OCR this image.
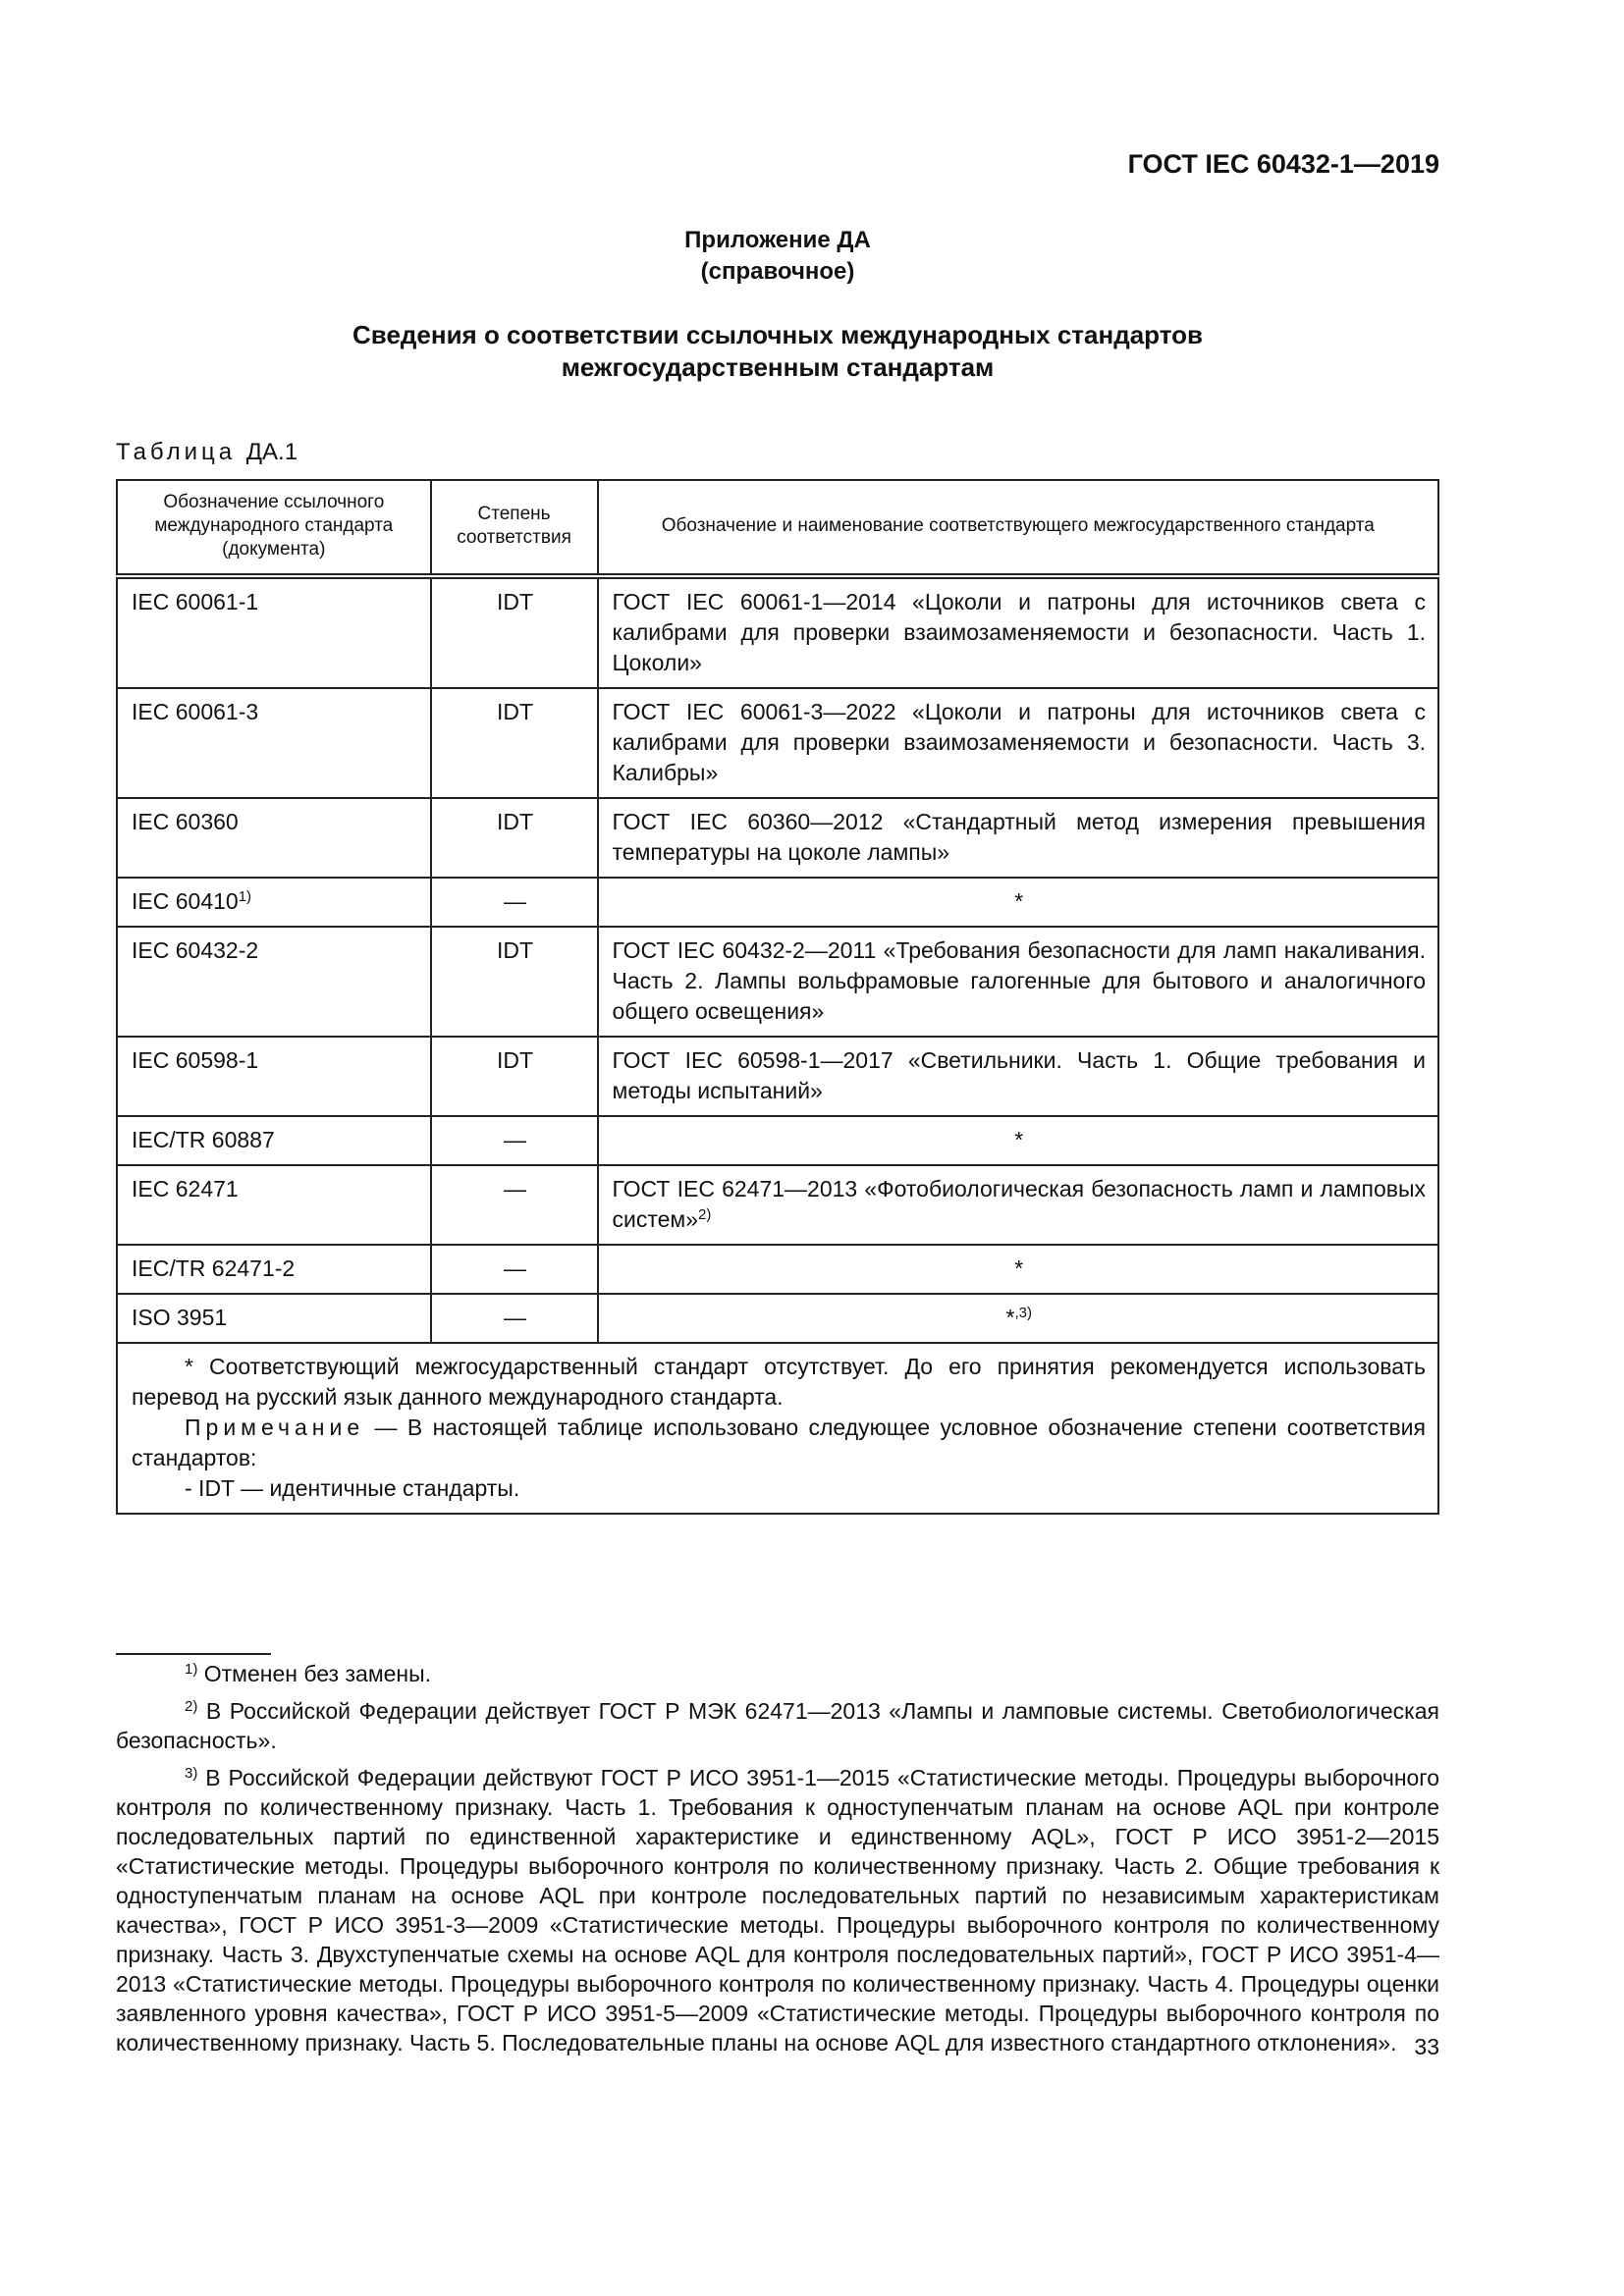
ГОСТ IEC 60432-1—2019
Приложение ДА
(справочное)
Сведения о соответствии ссылочных международных стандартов
межгосударственным стандартам
Таблица ДА.1
Обозначение ссылочного международного стандарта (документа)	Степень соответствия	Обозначение и наименование соответствующего межгосударственного стандарта
IEC 60061-1	IDT	ГОСТ IEC 60061-1—2014 «Цоколи и патроны для источников света с калибрами для проверки взаимозаменяемости и безопасности. Часть 1. Цоколи»
IEC 60061-3	IDT	ГОСТ IEC 60061-3—2022 «Цоколи и патроны для источников света с калибрами для проверки взаимозаменяемости и безопасности. Часть 3. Калибры»
IEC 60360	IDT	ГОСТ IEC 60360—2012 «Стандартный метод измерения превышения температуры на цоколе лампы»
IEC 60410$^{1)}$	—	*
IEC 60432-2	IDT	ГОСТ IEC 60432-2—2011 «Требования безопасности для ламп накаливания. Часть 2. Лампы вольфрамовые галогенные для бытового и аналогичного общего освещения»
IEC 60598-1	IDT	ГОСТ IEC 60598-1—2017 «Светильники. Часть 1. Общие требования и методы испытаний»
IEC/TR 60887	—	*
IEC 62471	—	ГОСТ IEC 62471—2013 «Фотобиологическая безопасность ламп и ламповых систем»$^{2)}$
IEC/TR 62471-2	—	*
ISO 3951	—	*$^{,3)}$

* Соответствующий межгосударственный стандарт отсутствует. До его принятия рекомендуется использовать перевод на русский язык данного международного стандарта.

Примечание — В настоящей таблице использовано следующее условное обозначение степени соответствия стандартов:

- IDT — идентичные стандарты.		

$^{1)}$ Отменен без замены.

$^{2)}$ В Российской Федерации действует ГОСТ Р МЭК 62471—2013 «Лампы и ламповые системы. Светобиологическая безопасность».

$^{3)}$ В Российской Федерации действуют ГОСТ Р ИСО 3951-1—2015 «Статистические методы. Процедуры выборочного контроля по количественному признаку. Часть 1. Требования к одноступенчатым планам на основе AQL при контроле последовательных партий по единственной характеристике и единственному AQL», ГОСТ Р ИСО 3951-2—2015 «Статистические методы. Процедуры выборочного контроля по количественному признаку. Часть 2. Общие требования к одноступенчатым планам на основе AQL при контроле последовательных партий по независимым характеристикам качества», ГОСТ Р ИСО 3951-3—2009 «Статистические методы. Процедуры выборочного контроля по количественному признаку. Часть 3. Двухступенчатые схемы на основе AQL для контроля последовательных партий», ГОСТ Р ИСО 3951-4—2013 «Статистические методы. Процедуры выборочного контроля по количественному признаку. Часть 4. Процедуры оценки заявленного уровня качества», ГОСТ Р ИСО 3951-5—2009 «Статистические методы. Процедуры выборочного контроля по количественному признаку. Часть 5. Последовательные планы на основе AQL для известного стандартного отклонения». 33
